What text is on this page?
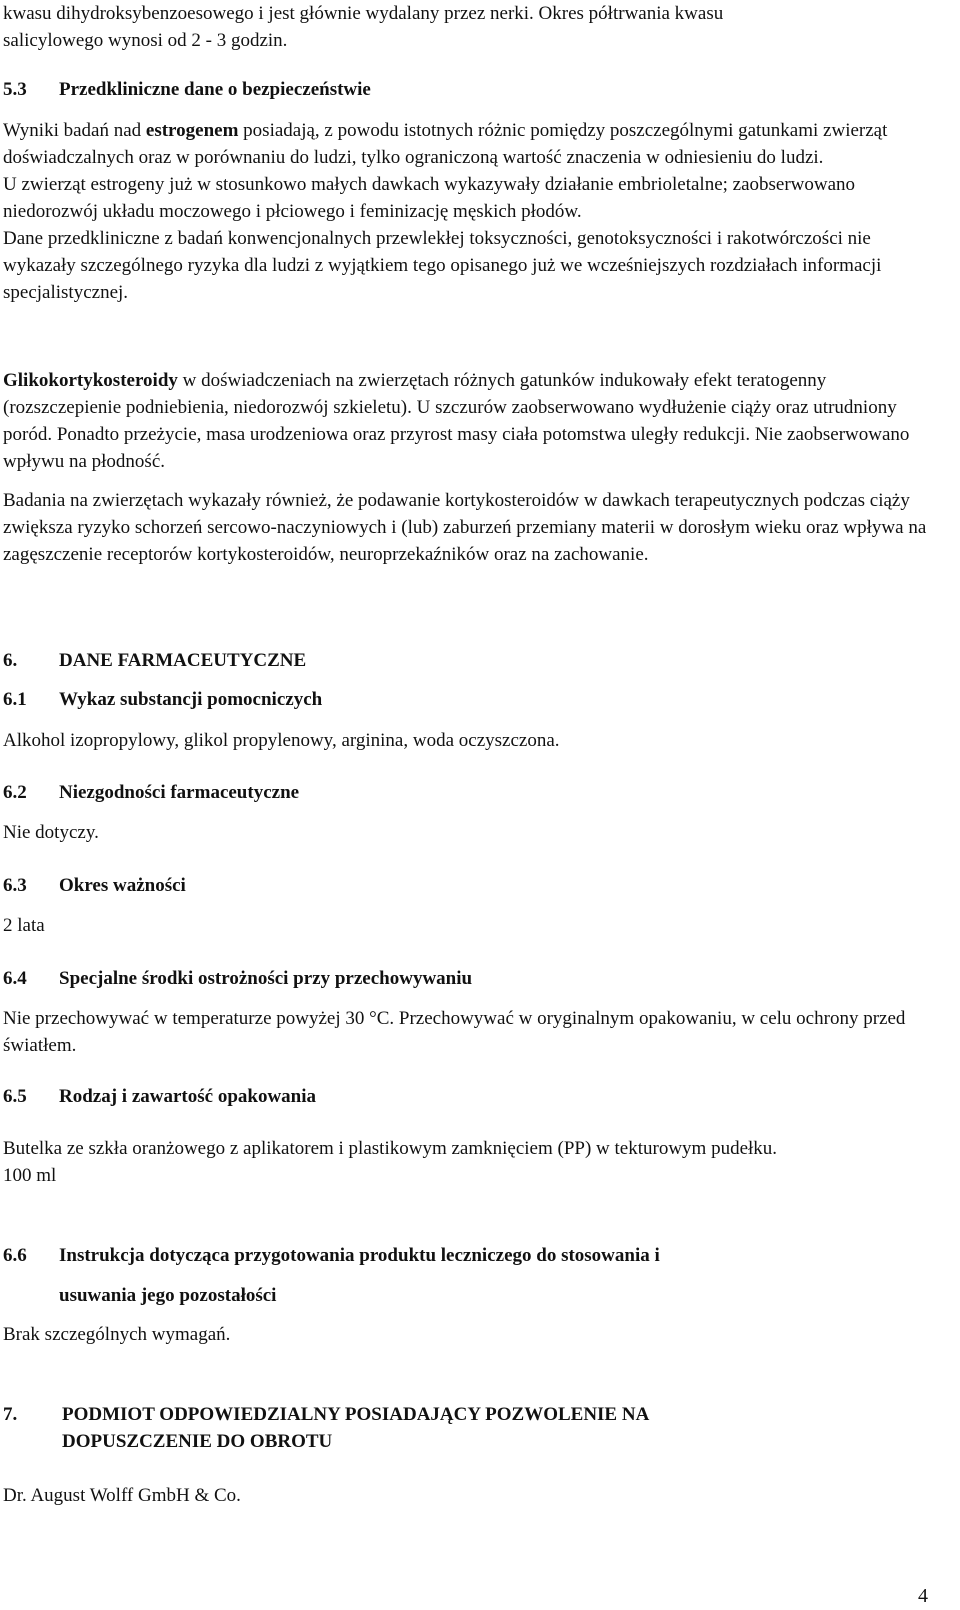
kwasu dihydroksybenzoesowego i jest głównie wydalany przez nerki. Okres półtrwania kwasu

salicylowego wynosi od 2 - 3 godzin.

5.3 Przedkliniczne dane o bezpieczeństwie

Wyniki badań nad estrogenem posiadają, z powodu istotnych różnic pomiędzy poszczególnymi gatunkami zwierząt doświadczalnych oraz w porównaniu do ludzi, tylko ograniczoną wartość znaczenia w odniesieniu do ludzi.

U zwierząt estrogeny już w stosunkowo małych dawkach wykazywały działanie embrioletalne; zaobserwowano niedorozwój układu moczowego i płciowego i feminizację męskich płodów.

Dane przedkliniczne z badań konwencjonalnych przewlekłej toksyczności, genotoksyczności i rakotwórczości nie wykazały szczególnego ryzyka dla ludzi z wyjątkiem tego opisanego już we wcześniejszych rozdziałach informacji specjalistycznej.

Glikokortykosteroidy w doświadczeniach na zwierzętach różnych gatunków indukowały efekt teratogenny (rozszczepienie podniebienia, niedorozwój szkieletu). U szczurów zaobserwowano wydłużenie ciąży oraz utrudniony poród. Ponadto przeżycie, masa urodzeniowa oraz przyrost masy ciała potomstwa uległy redukcji. Nie zaobserwowano wpływu na płodność.

Badania na zwierzętach wykazały również, że podawanie kortykosteroidów w dawkach terapeutycznych podczas ciąży zwiększa ryzyko schorzeń sercowo-naczyniowych i (lub) zaburzeń przemiany materii w dorosłym wieku oraz wpływa na zagęszczenie receptorów kortykosteroidów, neuroprzekaźników oraz na zachowanie.

6. DANE FARMACEUTYCZNE

6.1 Wykaz substancji pomocniczych

Alkohol izopropylowy, glikol propylenowy, arginina, woda oczyszczona.

6.2 Niezgodności farmaceutyczne

Nie dotyczy.

6.3 Okres ważności

2 lata

6.4 Specjalne środki ostrożności przy przechowywaniu

Nie przechowywać w temperaturze powyżej 30 °C. Przechowywać w oryginalnym opakowaniu, w celu ochrony przed światłem.

6.5 Rodzaj i zawartość opakowania

Butelka ze szkła oranżowego z aplikatorem i plastikowym zamknięciem (PP) w tekturowym pudełku.

100 ml

6.6 Instrukcja dotycząca przygotowania produktu leczniczego do stosowania i

usuwania jego pozostałości

Brak szczególnych wymagań.

7. PODMIOT ODPOWIEDZIALNY POSIADAJĄCY POZWOLENIE NA

DOPUSZCZENIE DO OBROTU

Dr. August Wolff GmbH & Co.

4
